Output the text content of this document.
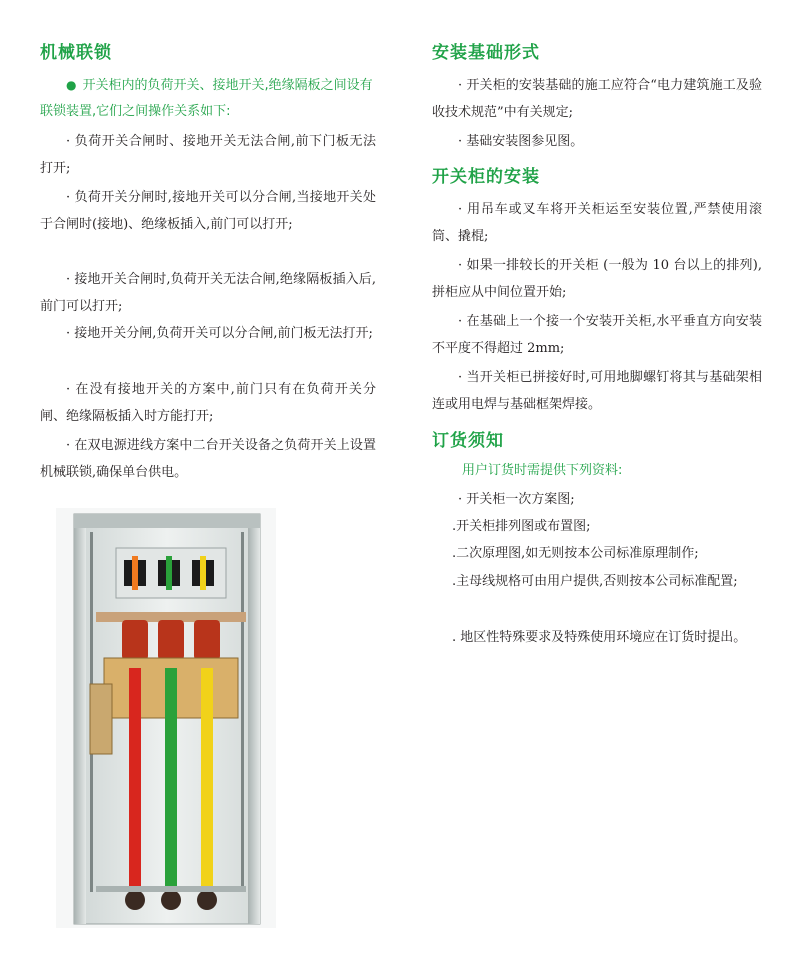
机械联锁
● 开关柜内的负荷开关、接地开关,绝缘隔板之间设有联锁装置,它们之间操作关系如下:
· 负荷开关合闸时、接地开关无法合闸,前下门板无法打开;
· 负荷开关分闸时,接地开关可以分合闸,当接地开关处于合闸时(接地)、绝缘板插入,前门可以打开;
· 接地开关合闸时,负荷开关无法合闸,绝缘隔板插入后,前门可以打开;
· 接地开关分闸,负荷开关可以分合闸,前门板无法打开;
· 在没有接地开关的方案中,前门只有在负荷开关分闸、绝缘隔板插入时方能打开;
· 在双电源进线方案中二台开关设备之负荷开关上设置机械联锁,确保单台供电。
安装基础形式
· 开关柜的安装基础的施工应符合“电力建筑施工及验收技术规范”中有关规定;
· 基础安装图参见图。
开关柜的安装
· 用吊车或叉车将开关柜运至安装位置,严禁使用滚筒、撬棍;
· 如果一排较长的开关柜 (一般为 10 台以上的排列),拼柜应从中间位置开始;
· 在基础上一个接一个安装开关柜,水平垂直方向安装不平度不得超过 2mm;
· 当开关柜已拼接好时,可用地脚螺钉将其与基础架相连或用电焊与基础框架焊接。
订货须知
用户订货时需提供下列资料:
· 开关柜一次方案图;
.开关柜排列图或布置图;
.二次原理图,如无则按本公司标准原理制作;
.主母线规格可由用户提供,否则按本公司标准配置;
. 地区性特殊要求及特殊使用环境应在订货时提出。
